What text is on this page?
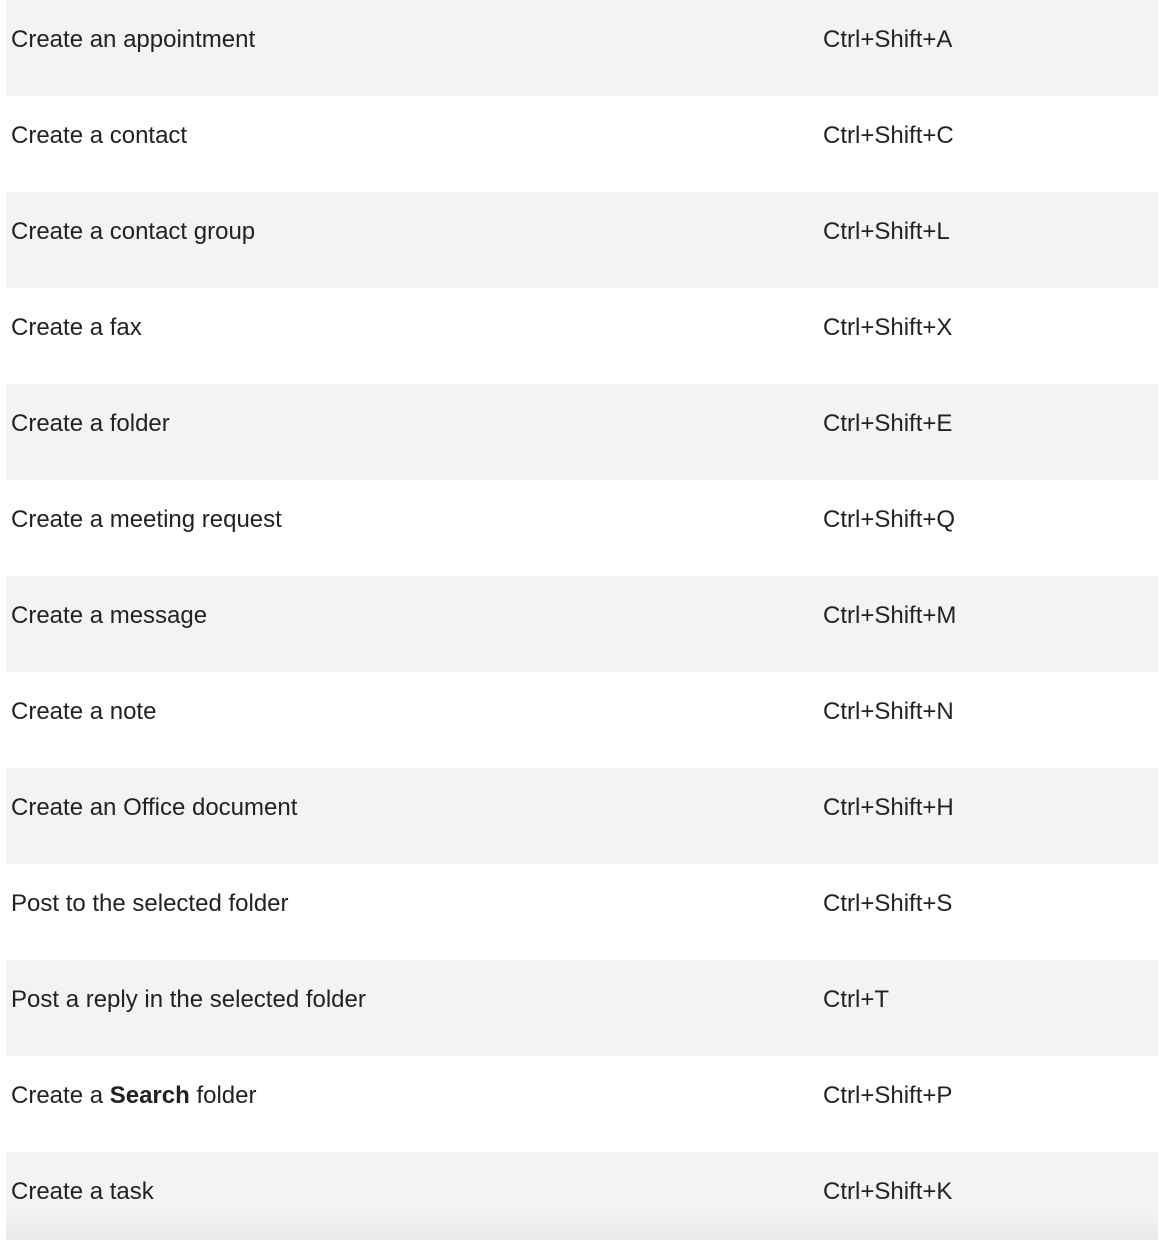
Create an appointment	Ctrl+Shift+A
Create a contact	Ctrl+Shift+C
Create a contact group	Ctrl+Shift+L
Create a fax	Ctrl+Shift+X
Create a folder	Ctrl+Shift+E
Create a meeting request	Ctrl+Shift+Q
Create a message	Ctrl+Shift+M
Create a note	Ctrl+Shift+N
Create an Office document	Ctrl+Shift+H
Post to the selected folder	Ctrl+Shift+S
Post a reply in the selected folder	Ctrl+T
Create a Search folder	Ctrl+Shift+P
Create a task	Ctrl+Shift+K
